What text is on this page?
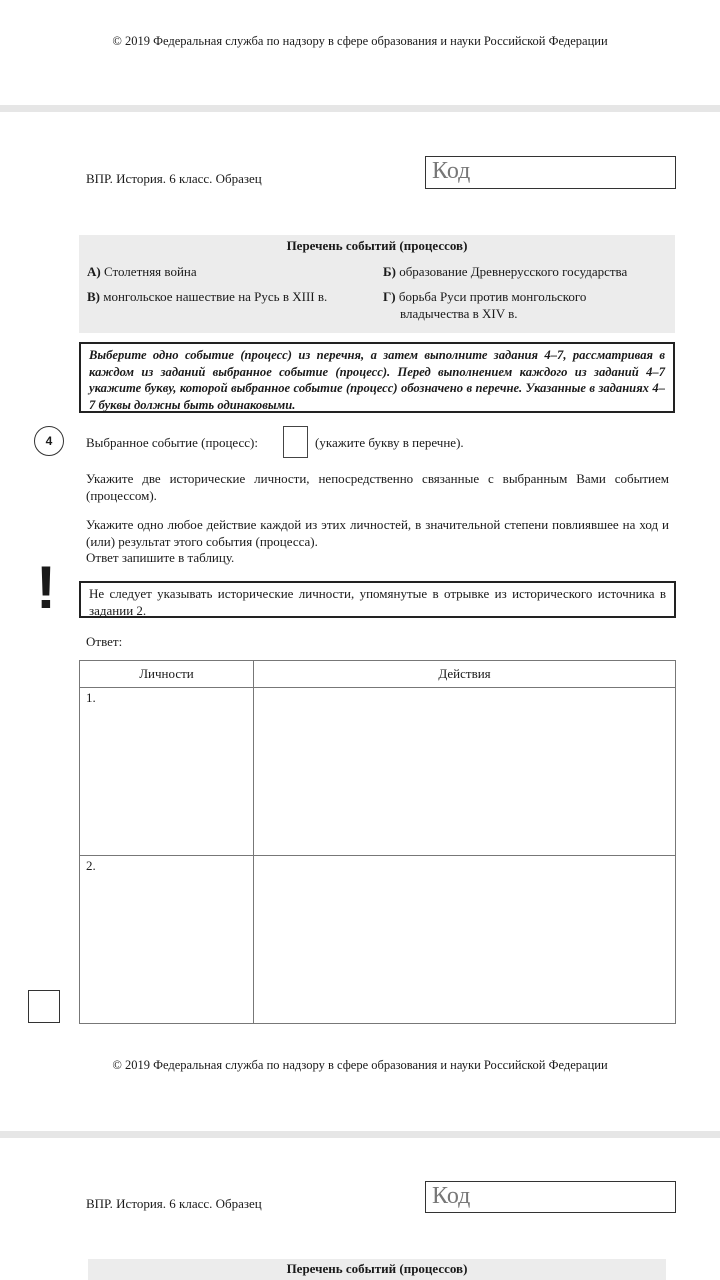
© 2019 Федеральная служба по надзору в сфере образования и науки Российской Федерации
ВПР. История. 6 класс. Образец	Код
Перечень событий (процессов)
А) Столетняя война	Б) образование Древнерусского государства
В) монгольское нашествие на Русь в XIII в.	Г) борьба Руси против монгольского
владычества в XIV в.
Выберите одно событие (процесс) из перечня, а затем выполните задания 4–7, рассматривая в каждом из заданий выбранное событие (процесс). Перед выполнением каждого из заданий 4–7 укажите букву, которой выбранное событие (процесс) обозначено в перечне. Указанные в заданиях 4–7 буквы должны быть одинаковыми.
4	Выбранное событие (процесс):	(укажите букву в перечне).
Укажите две исторические личности, непосредственно связанные с выбранным Вами событием (процессом).
Укажите одно любое действие каждой из этих личностей, в значительной степени повлиявшее на ход и (или) результат этого события (процесса).
Ответ запишите в таблицу.
!	Не следует указывать исторические личности, упомянутые в отрывке из исторического источника в задании 2.
Ответ:
Личности	Действия
1.	
2.	
© 2019 Федеральная служба по надзору в сфере образования и науки Российской Федерации
ВПР. История. 6 класс. Образец	Код
Перечень событий (процессов)
